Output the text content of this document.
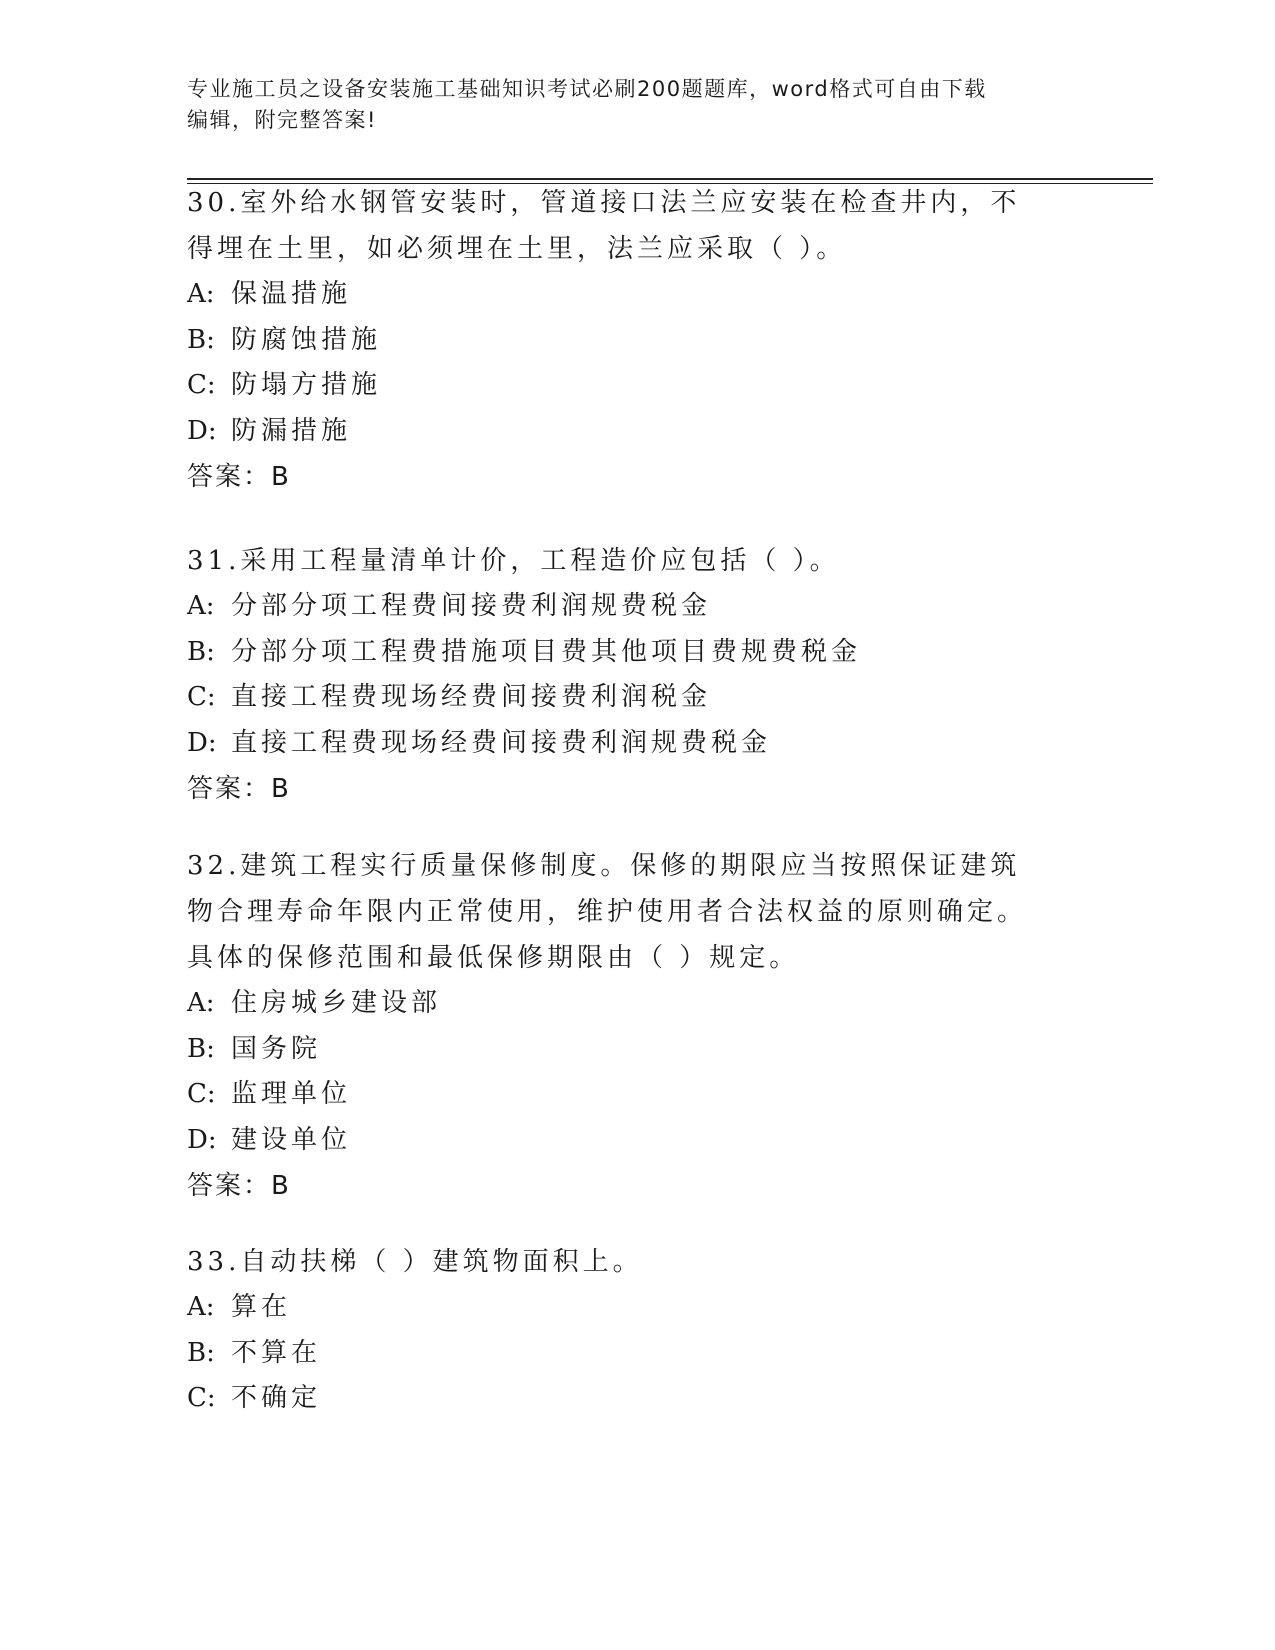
专业施工员之设备安装施工基础知识考试必刷200题题库，word格式可自由下载
编辑，附完整答案!

30.室外给水钢管安装时，管道接口法兰应安装在检查井内，不得埋在土里，如必须埋在土里，法兰应采取（ ）。

A: 保温措施

B: 防腐蚀措施

C: 防塌方措施

D: 防漏措施

答案：B

31.采用工程量清单计价，工程造价应包括（ ）。

A: 分部分项工程费间接费利润规费税金

B: 分部分项工程费措施项目费其他项目费规费税金

C: 直接工程费现场经费间接费利润税金

D: 直接工程费现场经费间接费利润规费税金

答案：B

32.建筑工程实行质量保修制度。保修的期限应当按照保证建筑物合理寿命年限内正常使用，维护使用者合法权益的原则确定。具体的保修范围和最低保修期限由（ ）规定。

A: 住房城乡建设部

B: 国务院

C: 监理单位

D: 建设单位

答案：B

33.自动扶梯（ ）建筑物面积上。

A: 算在

B: 不算在

C: 不确定
